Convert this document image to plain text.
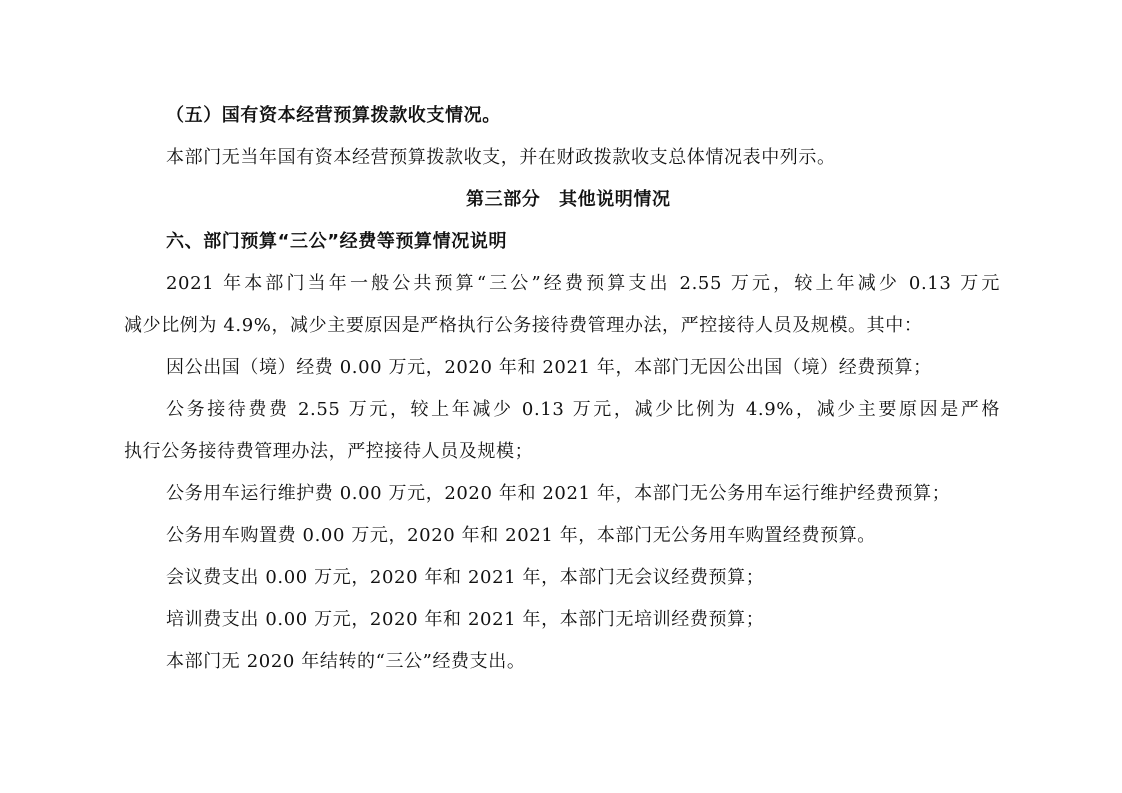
（五）国有资本经营预算拨款收支情况。
本部门无当年国有资本经营预算拨款收支，并在财政拨款收支总体情况表中列示。
第三部分　其他说明情况
六、部门预算“三公”经费等预算情况说明
2021 年本部门当年一般公共预算“三公”经费预算支出 2.55 万元，较上年减少 0.13 万元
减少比例为 4.9%，减少主要原因是严格执行公务接待费管理办法，严控接待人员及规模。其中：
因公出国（境）经费 0.00 万元，2020 年和 2021 年，本部门无因公出国（境）经费预算；
公务接待费费 2.55 万元，较上年减少 0.13 万元，减少比例为 4.9%，减少主要原因是严格
执行公务接待费管理办法，严控接待人员及规模；
公务用车运行维护费 0.00 万元，2020 年和 2021 年，本部门无公务用车运行维护经费预算；
公务用车购置费 0.00 万元，2020 年和 2021 年，本部门无公务用车购置经费预算。
会议费支出 0.00 万元，2020 年和 2021 年，本部门无会议经费预算；
培训费支出 0.00 万元，2020 年和 2021 年，本部门无培训经费预算；
本部门无 2020 年结转的“三公”经费支出。
